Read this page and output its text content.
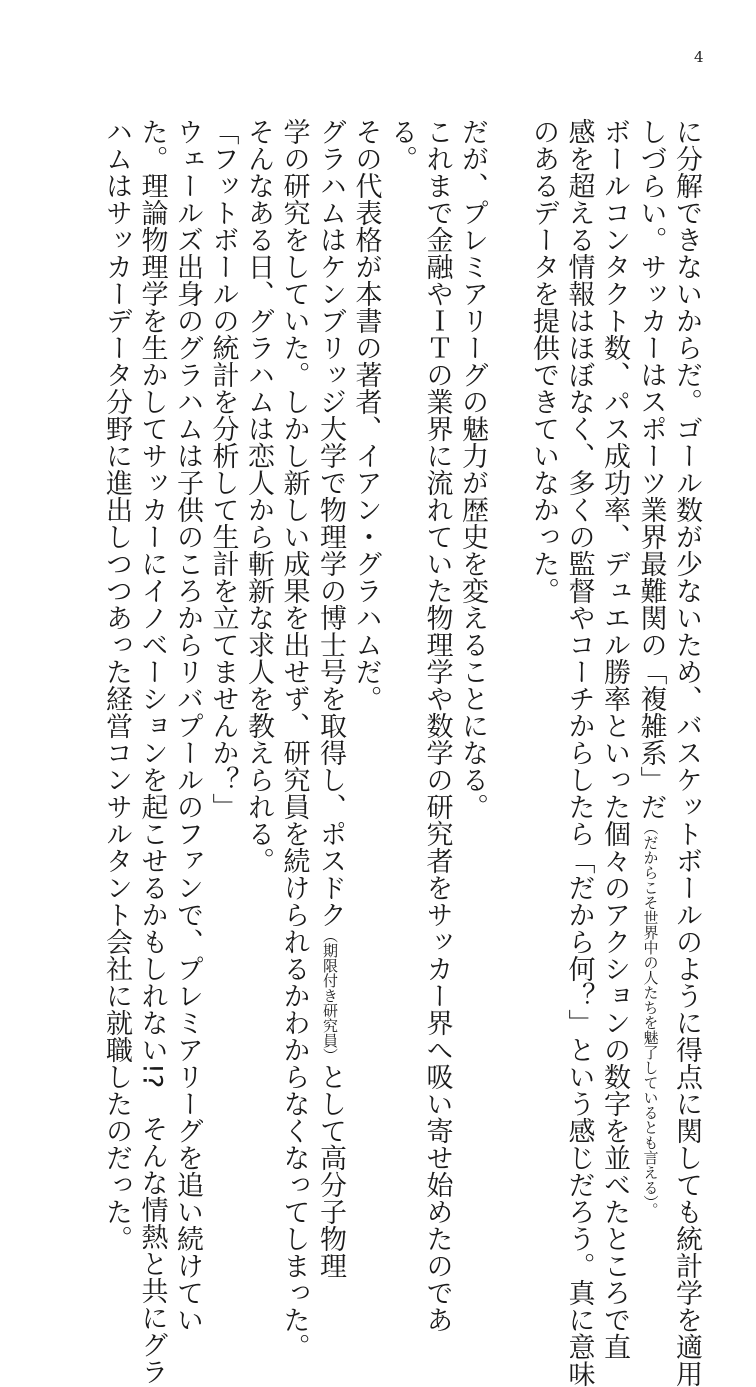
4
に分解できないからだ。ゴール数が少ないため、バスケットボールのように得点に関しても統計学を適用
しづらい。サッカーはスポーツ業界最難関の「複雑系」だ（だからこそ世界中の人たちを魅了しているとも言える）。
ボールコンタクト数、パス成功率、デュエル勝率といった個々のアクションの数字を並べたところで直
感を超える情報はほぼなく、多くの監督やコーチからしたら「だから何？」という感じだろう。真に意味
のあるデータを提供できていなかった。
だが、プレミアリーグの魅力が歴史を変えることになる。
これまで金融やＩＴの業界に流れていた物理学や数学の研究者をサッカー界へ吸い寄せ始めたのであ
る。
その代表格が本書の著者、イアン・グラハムだ。
グラハムはケンブリッジ大学で物理学の博士号を取得し、ポスドク（期限付き研究員）として高分子物理
学の研究をしていた。しかし新しい成果を出せず、研究員を続けられるかわからなくなってしまった。
そんなある日、グラハムは恋人から斬新な求人を教えられる。
「フットボールの統計を分析して生計を立てませんか？」
ウェールズ出身のグラハムは子供のころからリバプールのファンで、プレミアリーグを追い続けてい
た。理論物理学を生かしてサッカーにイノベーションを起こせるかもしれない!?　そんな情熱と共にグラ
ハムはサッカーデータ分野に進出しつつあった経営コンサルタント会社に就職したのだった。
